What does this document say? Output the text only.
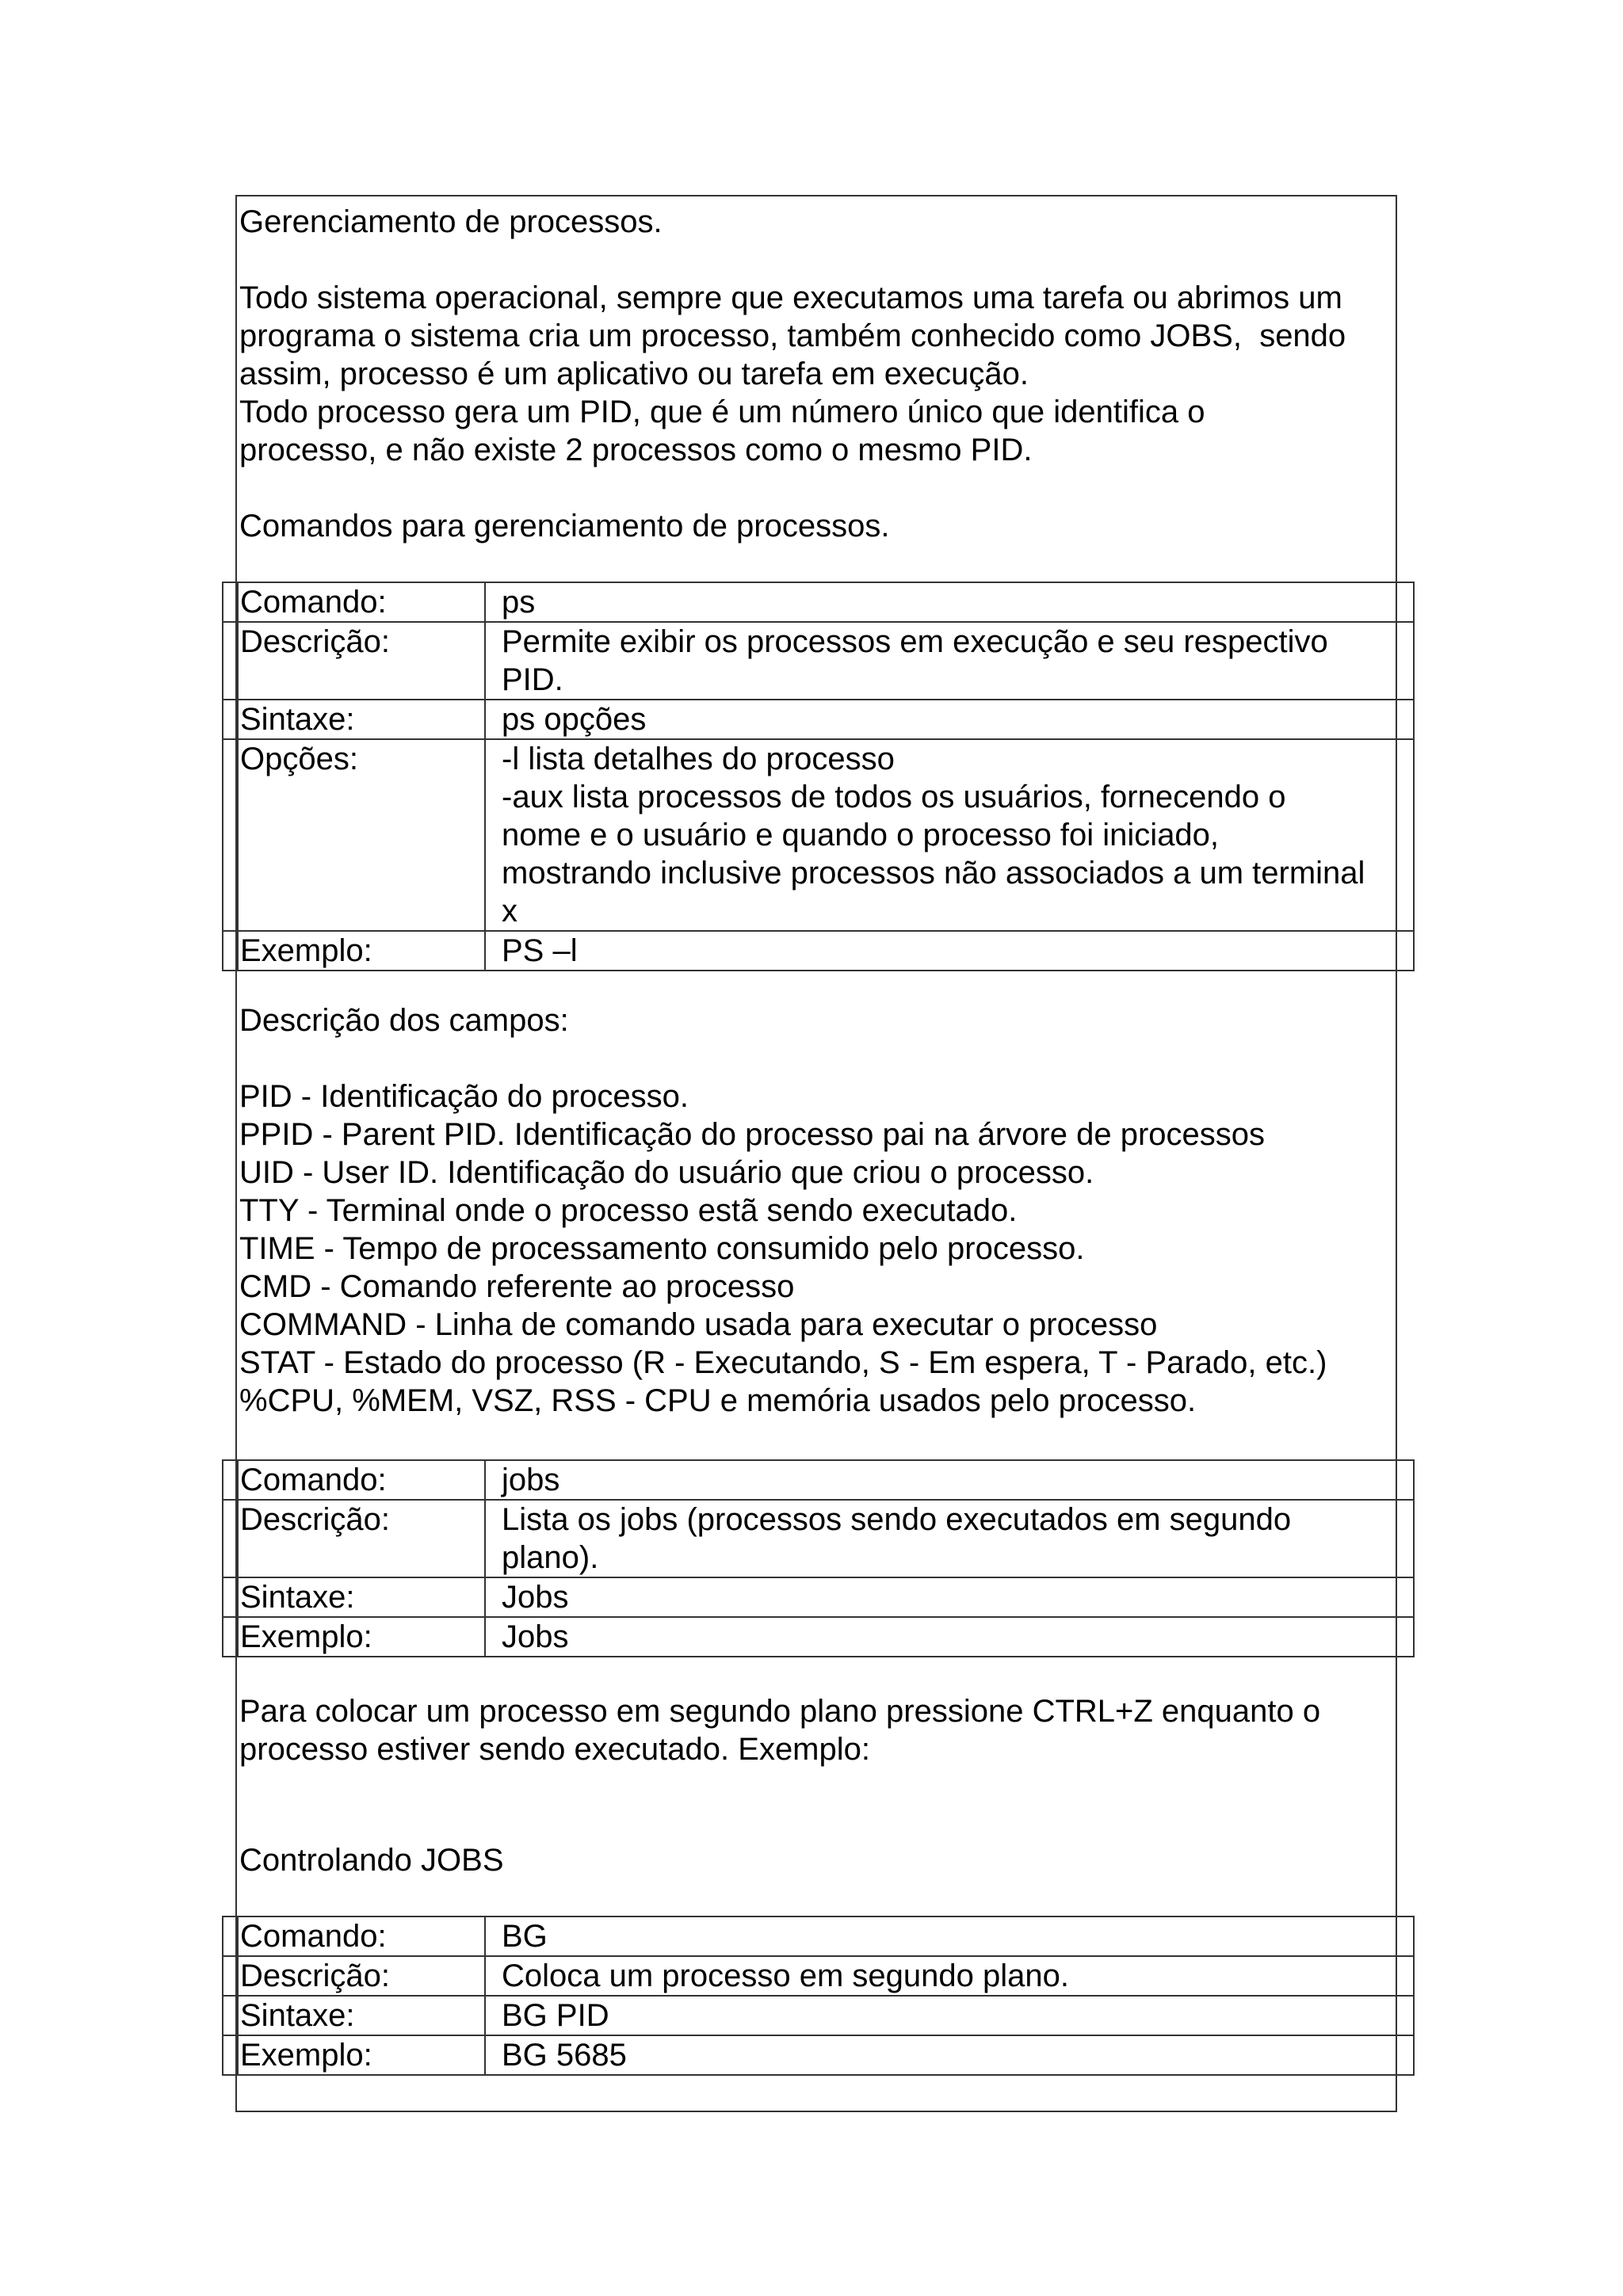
Gerenciamento de processos.

Todo sistema operacional, sempre que executamos uma tarefa ou abrimos um

programa o sistema cria um processo, também conhecido como JOBS,  sendo

assim, processo é um aplicativo ou tarefa em execução.

Todo processo gera um PID, que é um número único que identifica o

processo, e não existe 2 processos como o mesmo PID.

Comandos para gerenciamento de processos.

	Comando:	ps
	Descrição:	Permite exibir os processos em execução e seu respectivo
PID.
	Sintaxe:	ps opções
	Opções:	-l lista detalhes do processo
-aux lista processos de todos os usuários, fornecendo o
nome e o usuário e quando o processo foi iniciado,
mostrando inclusive processos não associados a um terminal
x
	Exemplo:	PS –l

Descrição dos campos:

PID - Identificação do processo.

PPID - Parent PID. Identificação do processo pai na árvore de processos

UID - User ID. Identificação do usuário que criou o processo.

TTY - Terminal onde o processo estã sendo executado.

TIME - Tempo de processamento consumido pelo processo.

CMD - Comando referente ao processo

COMMAND - Linha de comando usada para executar o processo

STAT - Estado do processo (R - Executando, S - Em espera, T - Parado, etc.)

%CPU, %MEM, VSZ, RSS - CPU e memória usados pelo processo.

	Comando:	jobs
	Descrição:	Lista os jobs (processos sendo executados em segundo
plano).
	Sintaxe:	Jobs
	Exemplo:	Jobs

Para colocar um processo em segundo plano pressione CTRL+Z enquanto o

processo estiver sendo executado. Exemplo:

Controlando JOBS

	Comando:	BG
	Descrição:	Coloca um processo em segundo plano.
	Sintaxe:	BG PID
	Exemplo:	BG 5685
